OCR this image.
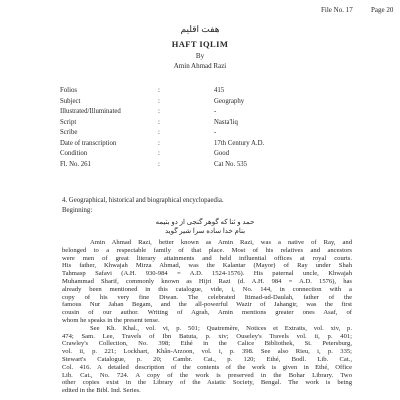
File No. 17	Page 20
هفت اقلیم
HAFT IQLIM
By
Amin Ahmad Razi
Folios	:	415
Subject	:	Geography
Illustrated/Illuminated	:	-
Script	:	Nasta'liq
Scribe	:	-
Date of transcription	:	17th Century A.D.
Condition	:	Good
Fl. No. 261	:	Cat No. 535
4. Geographical, historical and biographical encyclopaedia.
Beginning:
حمد و ثنا که گوهر گنجی از دو بتیمه
بنام خدا ساده سرا شیر گوید
Amin Ahmad Razi, better known as Amin Razi, was a native of Ray, and
belonged to a respectable family of that place. Most of his relatives and ancestors
were men of great literary attainments and held influential offices at royal courts.
His father, Khwajah Mirza Ahmad, was the Kalantar (Mayor) of Ray under Shah
Tahmasp Safavi (A.H. 930-984 = A.D. 1524-1576). His paternal uncle, Khwajah
Muhammad Sharif, commonly known as Hijri Razi (d. A.H. 984 = A.D. 1576), has
already been mentioned in this catalogue, vide, i, No. 144, in connection with a
copy of his very fine Diwan. The celebrated Itimad-ud-Daulah, father of the
famous Nur Jahan Begam, and the all-powerful Wazir of Jahangir, was the first
cousin of our author. Writing of Agrah, Amin mentions greater ones Asaf, of
whom he speaks in the present tense.
See Kh. Khal., vol. vi, p. 501; Quatremère, Notices et Extraits, vol. xiv, p.
474; Sam. Lee, Travels of Ibn Batuta, p. xiv; Ouseley's Travels vol. ii, p. 401;
Crawley's Collection, No. 398; Ethé in the Calice Bibliothek, St. Petersburg,
vol. ii, p. 221; Lockhart, Khân-Arzoon, vol. i, p. 398. See also Rieu, i, p. 335;
Stewart's Catalogue, p. 20; Cambr. Cat., p. 120; Ethé, Bodl. Lib. Cat.,
Col. 416. A detailed description of the contents of the work is given in Ethé, Office
Lib. Cat., No. 724. A copy of the work is preserved in the Bohar Library. Two
other copies exist in the Library of the Asiatic Society, Bengal. The work is being
edited in the Bibl. Ind. Series.
